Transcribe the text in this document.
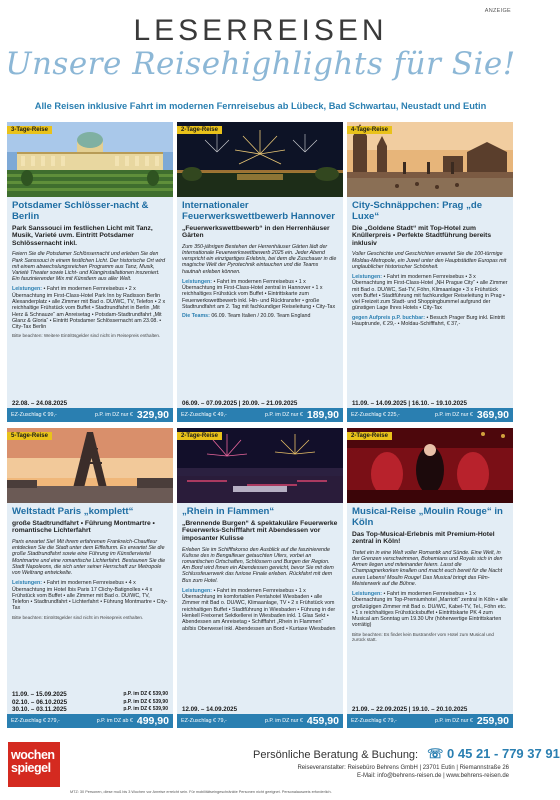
ANZEIGE
LESERREISEN
Unsere Reisehighlights für Sie!
Alle Reisen inklusive Fahrt im modernen Fernreisebus ab Lübeck, Bad Schwartau, Neustadt und Eutin
3-Tage-Reise
Potsdamer Schlösser-nacht & Berlin
Park Sanssouci im festlichen Licht mit Tanz, Musik, Varieté uvm. Eintritt Potsdamer Schlössernacht inkl.
Feiern Sie die Potsdamer Schlössernacht und erleben Sie den Park Sanssouci in einem festlichen Licht. Der historische Ort wird mit einem abwechslungsreichen Programm aus Tanz, Musik, Varieté Theater sowie Licht- und Klanginstallationen inszeniert. Ein faszinierender Mix mit Künstlern aus aller Welt.
Leistungen: • Fahrt im modernen Fernreisebus • 2 x Übernachtung im First-Class-Hotel Park Inn by Radisson Berlin Alexanderplatz • alle Zimmer mit Bad o. DU/WC, TV, Telefon • 2 x reichhaltige Frühstück vom Buffet • Stadtrundfahrt in Berlin „Mit Herz & Schnauze“ am Anreisetag • Potsdam-Stadtrundfahrt „Mit Glanz & Gloria“ • Eintritt Potsdamer Schlössernacht am 23.08. • City-Tax Berlin
Bitte beachten: Weitere Eintrittsgelder sind nicht im Reisepreis enthalten.
22.08. – 24.08.2025
EZ-Zuschlag € 99,-	p.P. im DZ nur € 329,90
2-Tage-Reise
Internationaler Feuerwerkswettbewerb Hannover
„Feuerwerkswettbewerb“ in den Herrenhäuser Gärten
Zum 350-jährigen Bestehen der Herrenhäuser Gärten lädt der Internationale Feuerwerkswettbewerb 2025 ein. Jeder Abend verspricht ein einzigartiges Erlebnis, bei dem die Zuschauer in die magische Welt der Pyrotechnik eintauchen und die Teams hautnah erleben können.
Leistungen: • Fahrt im modernen Fernreisebus • 1 x Übernachtung im First-Class-Hotel zentral in Hannover • 1 x reichhaltiges Frühstück vom Buffet • Eintrittskarte zum Feuerwerkswettbewerb inkl. Hin- und Rücktransfer • große Stadtrundfahrt am 2. Tag mit fachkundiger Reiseleitung • City-Tax
Die Teams: 06.09. Team Italien / 20.09. Team England
06.09. – 07.09.2025 | 20.09. – 21.09.2025
EZ-Zuschlag € 49,-	p.P. im DZ nur € 189,90
4-Tage-Reise
City-Schnäppchen: Prag „de Luxe“
Die „Goldene Stadt“ mit Top-Hotel zum Knüllerpreis • Perfekte Stadtführung bereits inklusiv
Voller Geschichte und Geschichten erwartet Sie die 100-türmige Moldau-Metropole, ein Juwel unter den Hauptstädten Europas mit unglaublicher historischer Schönheit.
Leistungen: • Fahrt im modernen Fernreisebus • 3 x Übernachtung im First-Class-Hotel „NH Prague City“ • alle Zimmer mit Bad o. DU/WC, Sat-TV, Föhn, Klimaanlage • 3 x Frühstück vom Buffet • Stadtführung mit fachkundiger Reiseleitung in Prag • viel Freizeit zum Stadt- und Shoppingbummel aufgrund der günstigen Lage Ihres Hotels • City-Tax
gegen Aufpreis p.P. buchbar: • Besuch Prager Burg inkl. Eintritt Hauptrunde, € 29,- • Moldau-Schifffahrt, € 37,-
11.09. – 14.09.2025 | 16.10. – 19.10.2025
EZ-Zuschlag € 225,-	p.P. im DZ nur € 369,90
5-Tage-Reise
Weltstadt Paris „komplett“
große Stadtrundfahrt • Führung Montmartre • romantische Lichterfahrt
Paris erwartet Sie! Mit ihrem erfahrenen Frankreich-Chauffeur entdecken Sie die Stadt unter dem Eiffelturm. Es erwartet Sie die große Stadtrundfahrt sowie eine Führung im Künstlerviertel Montmartre und eine romantische Lichterfahrt. Bestaunen Sie die Stadt Napoleons, die sich unter seiner Herrschaft zur Metropole von Weltrang entwickelte.
Leistungen: • Fahrt im modernen Fernreisebus • 4 x Übernachtung im Hotel Ibis Paris 17 Clichy-Batignolles • 4 x Frühstück vom Buffet • alle Zimmer mit Bad o. DU/WC, TV, Telefon • Stadtrundfahrt • Lichterfahrt • Führung Montmartre • City-Tax
Bitte beachten: Eintrittsgelder sind nicht im Reisepreis enthalten.
11.09. – 15.09.2025	p.P. im DZ € 539,90
02.10. – 06.10.2025	p.P. im DZ € 539,90
30.10. – 03.11.2025	p.P. im DZ € 539,90
EZ-Zuschlag € 279,-	p.P. im DZ ab € 499,90
2-Tage-Reise
„Rhein in Flammen“
„Brennende Burgen“ & spektakuläre Feuerwerke Feuerwerks-Schifffahrt mit Abendessen vor imposanter Kulisse
Erleben Sie im Schifffskorso den Ausblick auf die faszinierende Kulisse des in Bengalfeuer getauchten Ufers, vorbei an romantischen Ortschaften, Schlössern und Burgen der Region. Am Bord wird Ihnen ein Abendessen gereicht, bevor Sie mit dem Schlussfeuerwerk das furiose Finale erleben. Rückfahrt mit dem Bus zum Hotel.
Leistungen: • Fahrt im modernen Fernreisebus • 1 x Übernachtung im komfortablen Pentahotel Wiesbaden • alle Zimmer mit Bad o. DU/WC, Klimaanlage, TV • 2 x Frühstück vom reichhaltigen Buffet • Stadtführung in Wiesbaden • Führung in der Henkell Freixenet Sektkellerei in Wiesbaden inkl. 1 Glas Sekt • Abendessen am Anreisetag • Schifffahrt „Rhein in Flammen“ ab/bis Oberwesel inkl. Abendessen an Bord • Kurtaxe Wiesbaden
12.09. – 14.09.2025
EZ-Zuschlag € 79,-	p.P. im DZ nur € 459,90
2-Tage-Reise
Musical-Reise „Moulin Rouge“ in Köln
Das Top-Musical-Erlebnis mit Premium-Hotel zentral in Köln!
Tretet ein in eine Welt voller Romantik und Sünde. Eine Welt, in der Grenzen verschwimmen, Bohemians und Royals sich in den Armen liegen und miteinander feiern. Lasst die Champagnerkorken knallen und macht euch bereit für die Nacht eures Lebens! Moulin Rouge! Das Musical bringt das Film-Meisterwerk auf die Bühne.
Leistungen: • Fahrt im modernen Fernreisebus • 1 x Übernachtung im Top-Premiumhotel „Marriott“ zentral in Köln • alle großzügigen Zimmer mit Bad o. DU/WC, Kabel-TV, Tel., Föhn etc. • 1 x reichhaltiges Frühstücksbuffet • Eintrittskarte PK 4 zum Musical am Sonntag um 19.30 Uhr (höherwertige Eintrittskarten vorrätig)
Bitte beachten: Es findet kein Bustransfer vom Hotel zum Musical und zurück statt.
21.09. – 22.09.2025 | 19.10. – 20.10.2025
EZ-Zuschlag € 79,-	p.P. im DZ nur € 259,90
wochen spiegel
Persönliche Beratung & Buchung: ☏ 0 45 21 - 779 37 91
Reiseveranstalter: Reisebüro Behrens GmbH | 23701 Eutin | Riemannstraße 26
E-Mail: info@behrens-reisen.de | www.behrens-reisen.de
MTZ: 30 Personen, diese muß bis 3 Wochen vor Anreise erreicht sein. Für mobilitätseingeschränkte Personen nicht geeignet. Personalausweis erforderlich.
